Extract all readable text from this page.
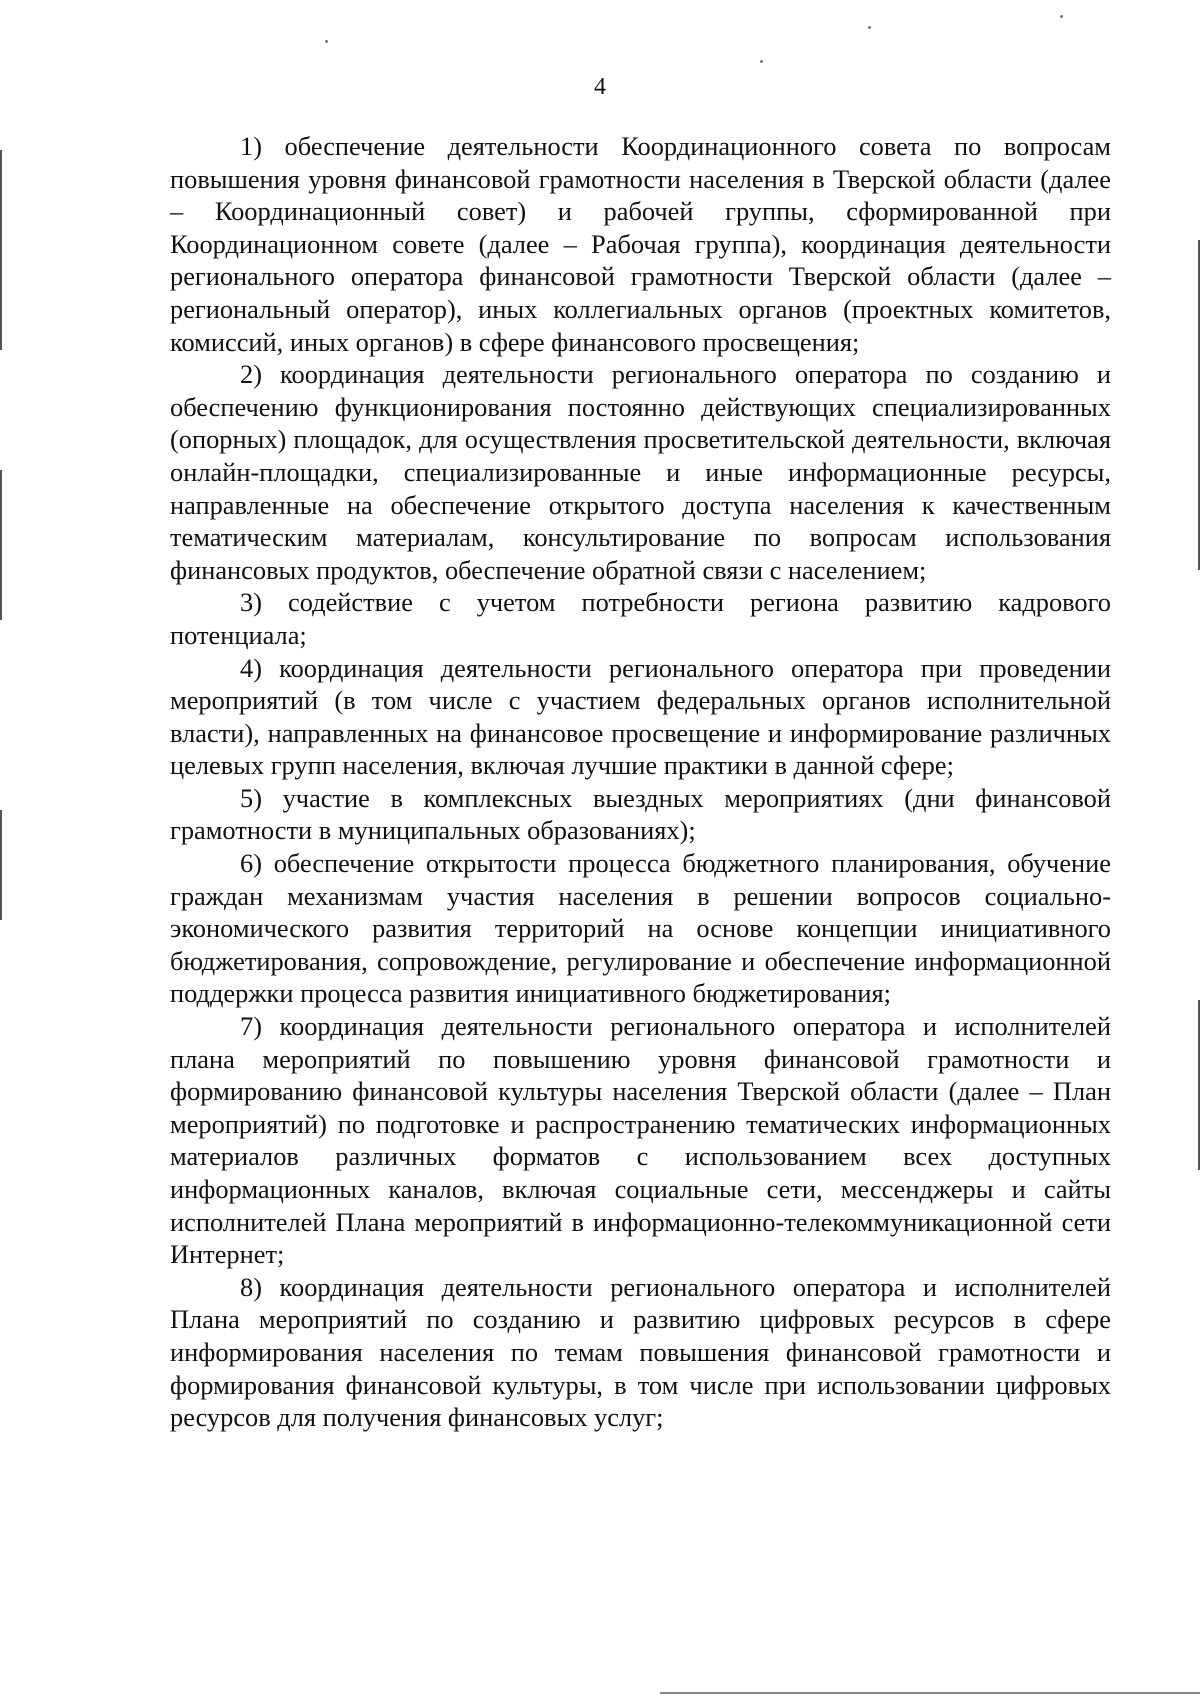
4

1) обеспечение деятельности Координационного совета по вопросам повышения уровня финансовой грамотности населения в Тверской области (далее – Координационный совет) и рабочей группы, сформированной при Координационном совете (далее – Рабочая группа), координация деятельности регионального оператора финансовой грамотности Тверской области (далее – региональный оператор), иных коллегиальных органов (проектных комитетов, комиссий, иных органов) в сфере финансового просвещения;

2) координация деятельности регионального оператора по созданию и обеспечению функционирования постоянно действующих специализированных (опорных) площадок, для осуществления просветительской деятельности, включая онлайн-площадки, специализированные и иные информационные ресурсы, направленные на обеспечение открытого доступа населения к качественным тематическим материалам, консультирование по вопросам использования финансовых продуктов, обеспечение обратной связи с населением;

3) содействие с учетом потребности региона развитию кадрового потенциала;

4) координация деятельности регионального оператора при проведении мероприятий (в том числе с участием федеральных органов исполнительной власти), направленных на финансовое просвещение и информирование различных целевых групп населения, включая лучшие практики в данной сфере;

5) участие в комплексных выездных мероприятиях (дни финансовой грамотности в муниципальных образованиях);

6) обеспечение открытости процесса бюджетного планирования, обучение граждан механизмам участия населения в решении вопросов социально-экономического развития территорий на основе концепции инициативного бюджетирования, сопровождение, регулирование и обеспечение информационной поддержки процесса развития инициативного бюджетирования;

7) координация деятельности регионального оператора и исполнителей плана мероприятий по повышению уровня финансовой грамотности и формированию финансовой культуры населения Тверской области (далее – План мероприятий) по подготовке и распространению тематических информационных материалов различных форматов с использованием всех доступных информационных каналов, включая социальные сети, мессенджеры и сайты исполнителей Плана мероприятий в информационно-телекоммуникационной сети Интернет;

8) координация деятельности регионального оператора и исполнителей Плана мероприятий по созданию и развитию цифровых ресурсов в сфере информирования населения по темам повышения финансовой грамотности и формирования финансовой культуры, в том числе при использовании цифровых ресурсов для получения финансовых услуг;
